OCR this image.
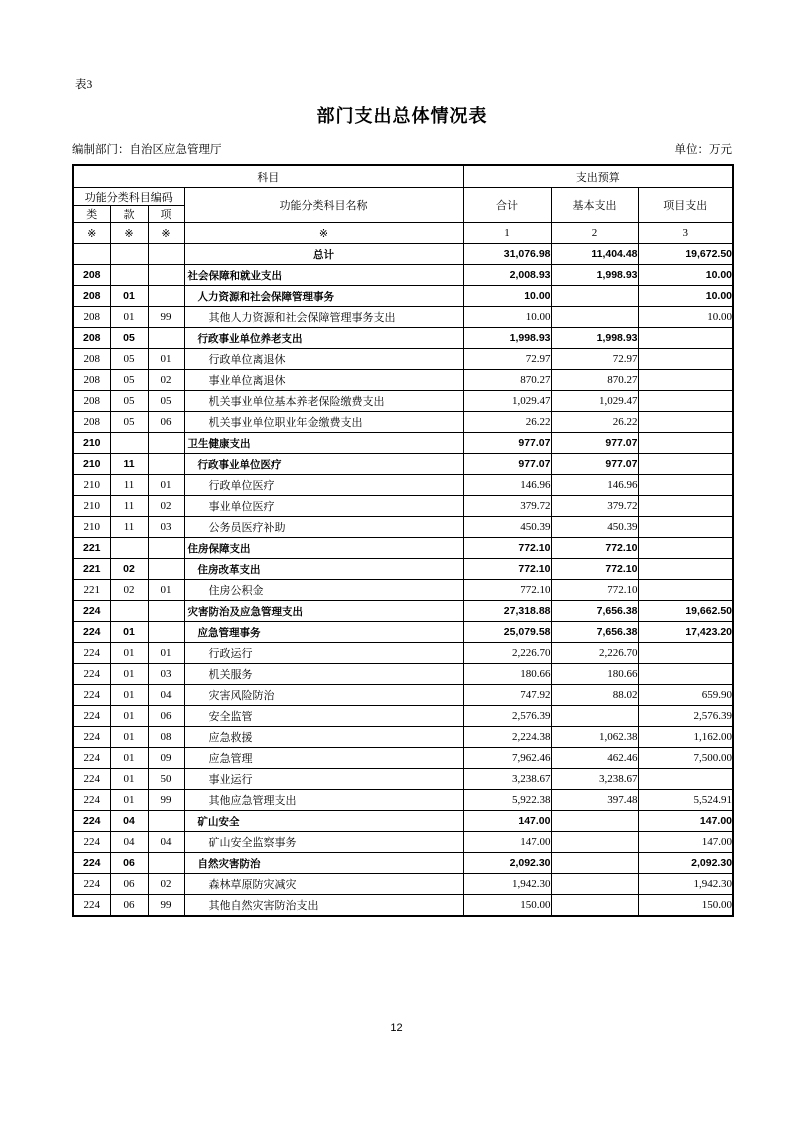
表3
部门支出总体情况表
编制部门：自治区应急管理厅	单位：万元
科目				支出预算		
功能分类科目编码			功能分类科目名称	合计	基本支出	项目支出
类	款	项				
※	※	※	※	1	2	3
			总计	31,076.98	11,404.48	19,672.50
208			社会保障和就业支出	2,008.93	1,998.93	10.00
208	01		人力资源和社会保障管理事务	10.00		10.00
208	01	99	其他人力资源和社会保障管理事务支出	10.00		10.00
208	05		行政事业单位养老支出	1,998.93	1,998.93	
208	05	01	行政单位离退休	72.97	72.97	
208	05	02	事业单位离退休	870.27	870.27	
208	05	05	机关事业单位基本养老保险缴费支出	1,029.47	1,029.47	
208	05	06	机关事业单位职业年金缴费支出	26.22	26.22	
210			卫生健康支出	977.07	977.07	
210	11		行政事业单位医疗	977.07	977.07	
210	11	01	行政单位医疗	146.96	146.96	
210	11	02	事业单位医疗	379.72	379.72	
210	11	03	公务员医疗补助	450.39	450.39	
221			住房保障支出	772.10	772.10	
221	02		住房改革支出	772.10	772.10	
221	02	01	住房公积金	772.10	772.10	
224			灾害防治及应急管理支出	27,318.88	7,656.38	19,662.50
224	01		应急管理事务	25,079.58	7,656.38	17,423.20
224	01	01	行政运行	2,226.70	2,226.70	
224	01	03	机关服务	180.66	180.66	
224	01	04	灾害风险防治	747.92	88.02	659.90
224	01	06	安全监管	2,576.39		2,576.39
224	01	08	应急救援	2,224.38	1,062.38	1,162.00
224	01	09	应急管理	7,962.46	462.46	7,500.00
224	01	50	事业运行	3,238.67	3,238.67	
224	01	99	其他应急管理支出	5,922.38	397.48	5,524.91
224	04		矿山安全	147.00		147.00
224	04	04	矿山安全监察事务	147.00		147.00
224	06		自然灾害防治	2,092.30		2,092.30
224	06	02	森林草原防灾减灾	1,942.30		1,942.30
224	06	99	其他自然灾害防治支出	150.00		150.00
12
